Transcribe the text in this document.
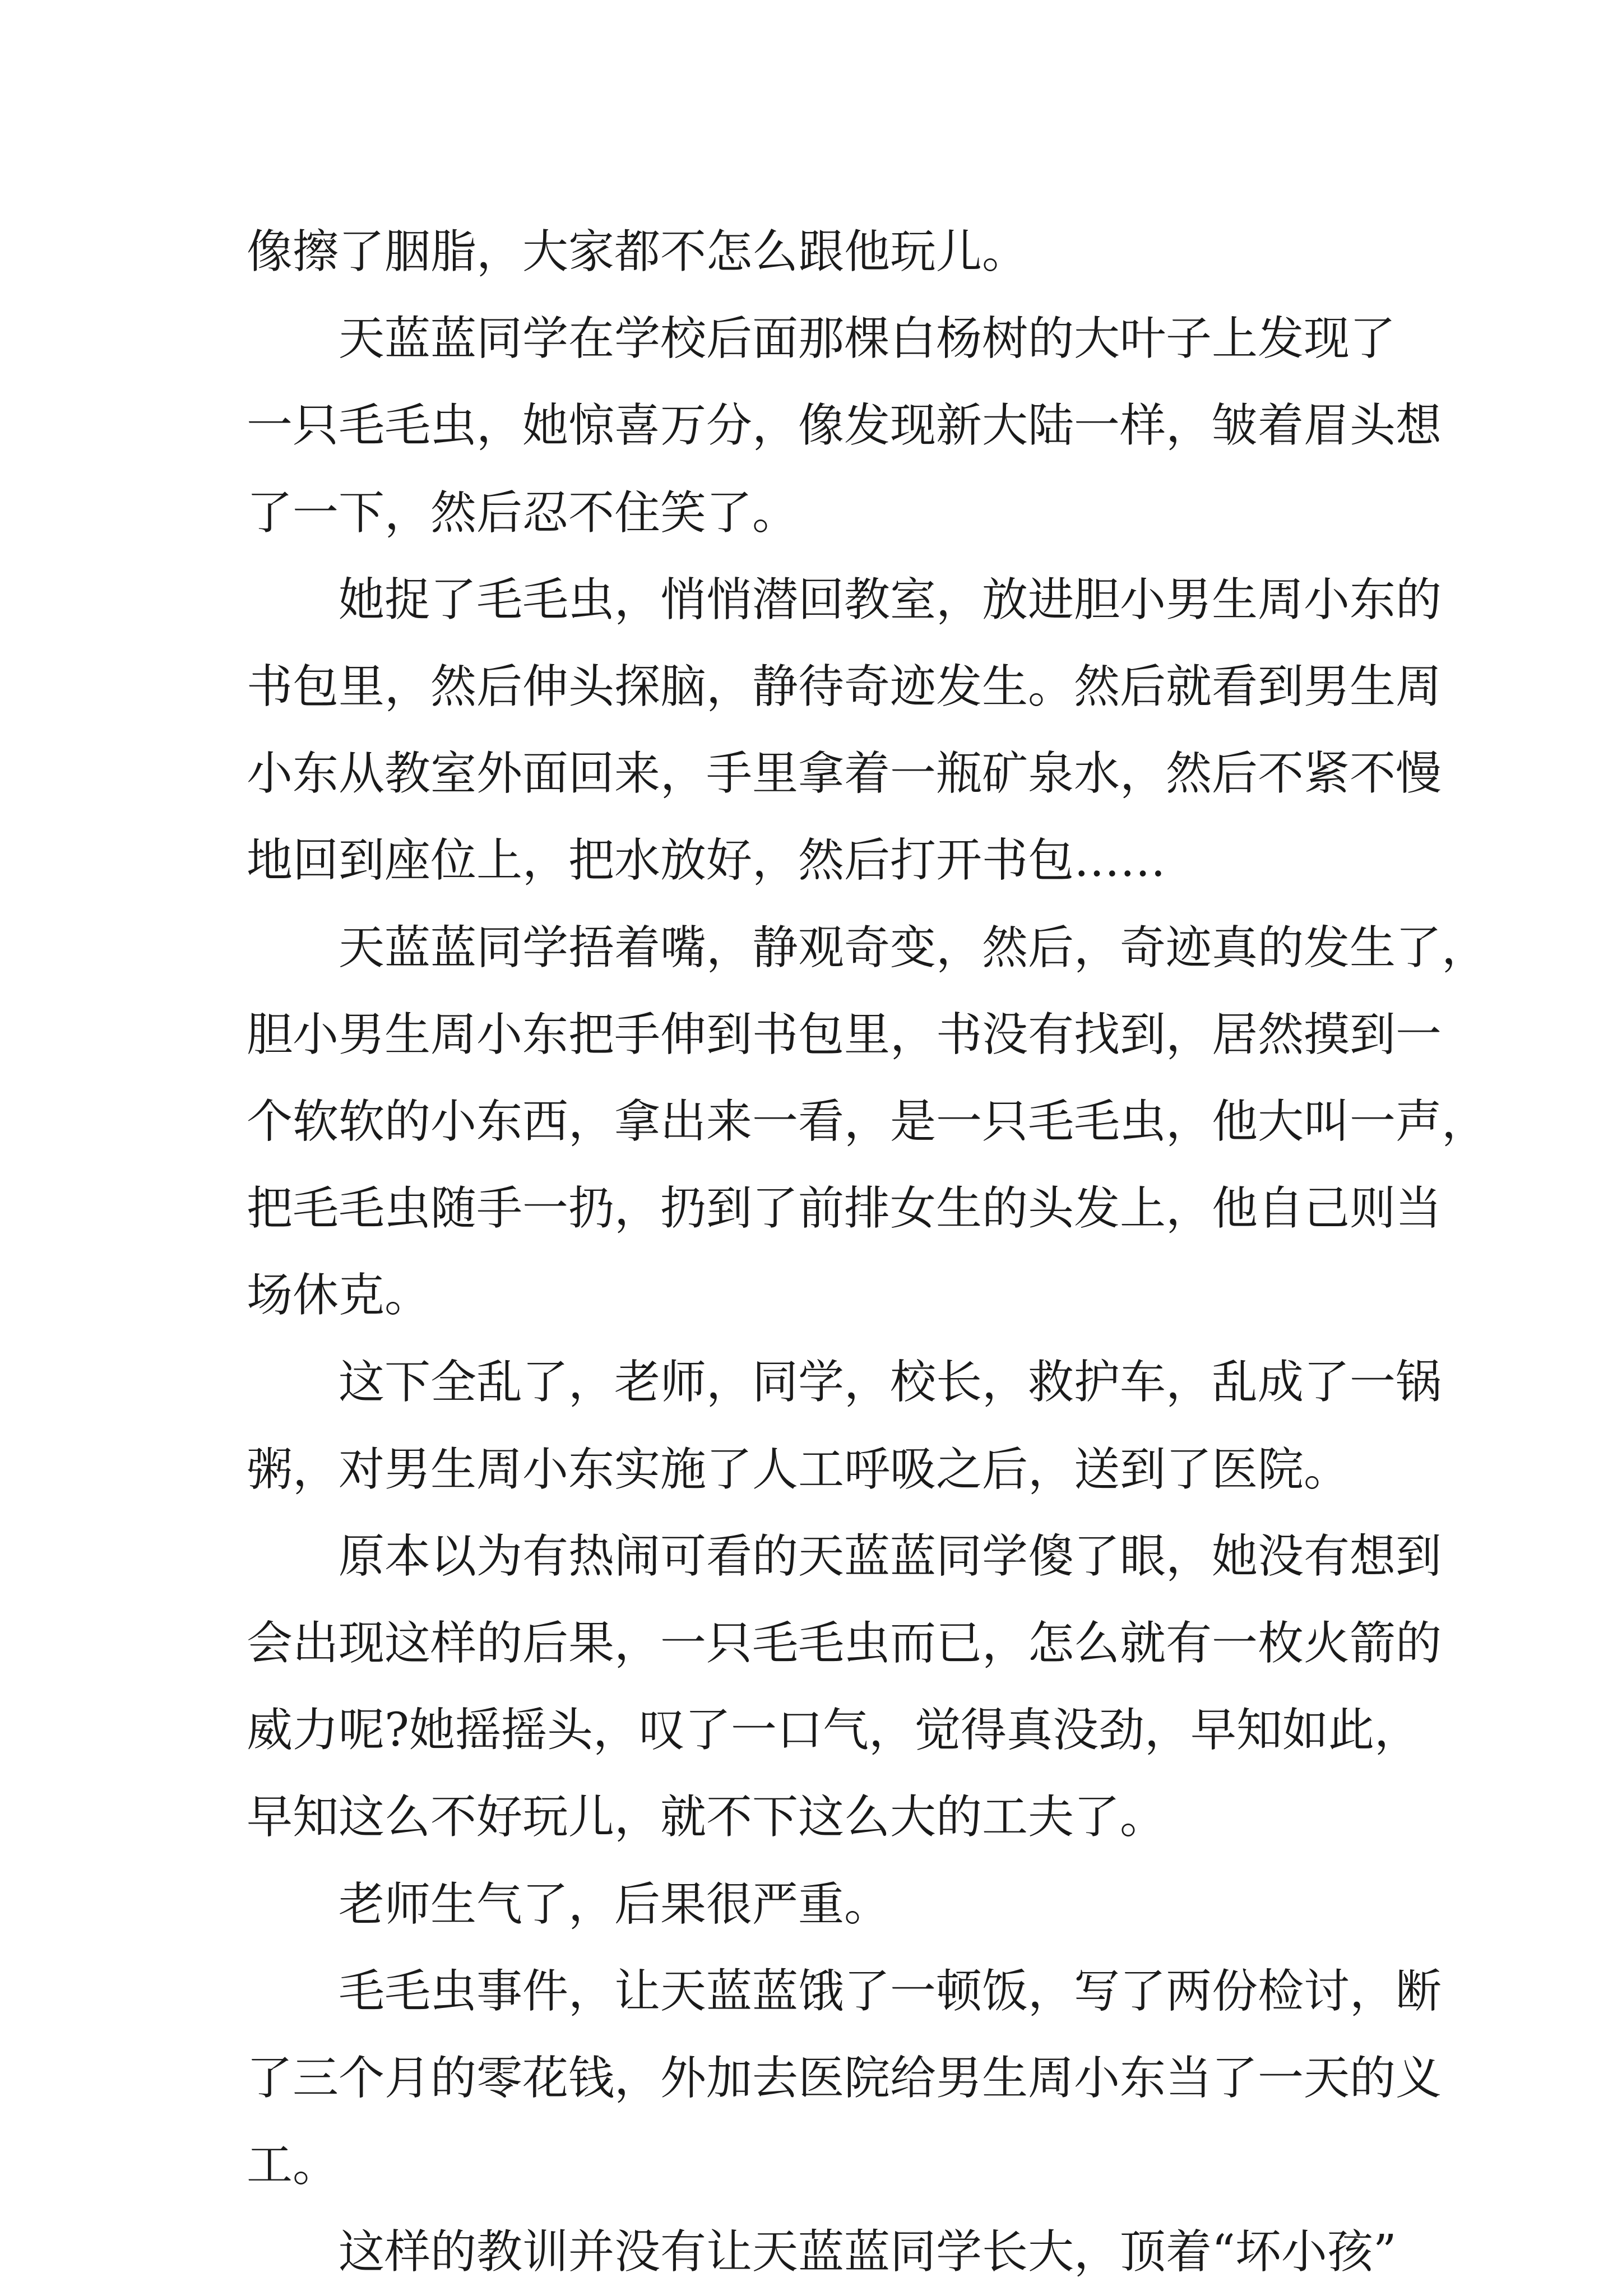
像擦了胭脂，大家都不怎么跟他玩儿。
天蓝蓝同学在学校后面那棵白杨树的大叶子上发现了
一只毛毛虫，她惊喜万分，像发现新大陆一样，皱着眉头想
了一下，然后忍不住笑了。
她捉了毛毛虫，悄悄潜回教室，放进胆小男生周小东的
书包里，然后伸头探脑，静待奇迹发生。然后就看到男生周
小东从教室外面回来，手里拿着一瓶矿泉水，然后不紧不慢
地回到座位上，把水放好，然后打开书包……
天蓝蓝同学捂着嘴，静观奇变，然后，奇迹真的发生了，
胆小男生周小东把手伸到书包里，书没有找到，居然摸到一
个软软的小东西，拿出来一看，是一只毛毛虫，他大叫一声，
把毛毛虫随手一扔，扔到了前排女生的头发上，他自己则当
场休克。
这下全乱了，老师，同学，校长，救护车，乱成了一锅
粥，对男生周小东实施了人工呼吸之后，送到了医院。
原本以为有热闹可看的天蓝蓝同学傻了眼，她没有想到
会出现这样的后果，一只毛毛虫而已，怎么就有一枚火箭的
威力呢?她摇摇头，叹了一口气，觉得真没劲，早知如此，
早知这么不好玩儿，就不下这么大的工夫了。
老师生气了，后果很严重。
毛毛虫事件，让天蓝蓝饿了一顿饭，写了两份检讨，断
了三个月的零花钱，外加去医院给男生周小东当了一天的义
工。
这样的教训并没有让天蓝蓝同学长大，顶着“坏小孩”
